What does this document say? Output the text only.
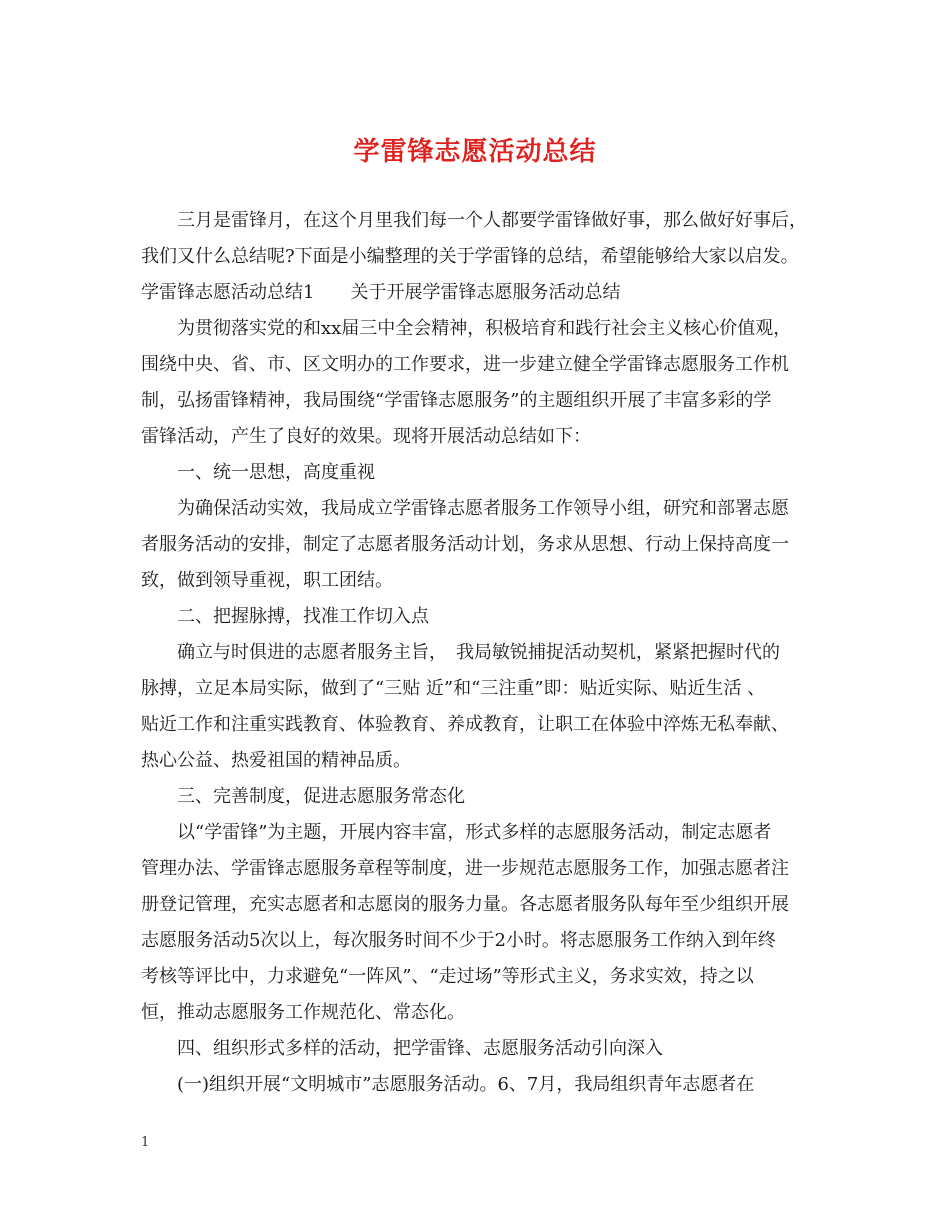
学雷锋志愿活动总结
三月是雷锋月，在这个月里我们每一个人都要学雷锋做好事，那么做好好事后，
我们又什么总结呢?下面是小编整理的关于学雷锋的总结，希望能够给大家以启发。
学雷锋志愿活动总结1　　关于开展学雷锋志愿服务活动总结
为贯彻落实党的和xx届三中全会精神，积极培育和践行社会主义核心价值观，
围绕中央、省、市、区文明办的工作要求，进一步建立健全学雷锋志愿服务工作机
制，弘扬雷锋精神，我局围绕“学雷锋志愿服务”的主题组织开展了丰富多彩的学
雷锋活动，产生了良好的效果。现将开展活动总结如下：
一、统一思想，高度重视
为确保活动实效，我局成立学雷锋志愿者服务工作领导小组，研究和部署志愿
者服务活动的安排，制定了志愿者服务活动计划，务求从思想、行动上保持高度一
致，做到领导重视，职工团结。
二、把握脉搏，找准工作切入点
确立与时俱进的志愿者服务主旨，　我局敏锐捕捉活动契机，紧紧把握时代的
脉搏，立足本局实际，做到了“三贴 近”和“三注重”即：贴近实际、贴近生活 、
贴近工作和注重实践教育、体验教育、养成教育，让职工在体验中淬炼无私奉献、
热心公益、热爱祖国的精神品质。
三、完善制度，促进志愿服务常态化
以“学雷锋”为主题，开展内容丰富，形式多样的志愿服务活动，制定志愿者
管理办法、学雷锋志愿服务章程等制度，进一步规范志愿服务工作，加强志愿者注
册登记管理，充实志愿者和志愿岗的服务力量。各志愿者服务队每年至少组织开展
志愿服务活动5次以上，每次服务时间不少于2小时。将志愿服务工作纳入到年终
考核等评比中，力求避免“一阵风”、“走过场”等形式主义，务求实效，持之以
恒，推动志愿服务工作规范化、常态化。
四、组织形式多样的活动，把学雷锋、志愿服务活动引向深入
(一)组织开展“文明城市”志愿服务活动。6、7月，我局组织青年志愿者在
1
